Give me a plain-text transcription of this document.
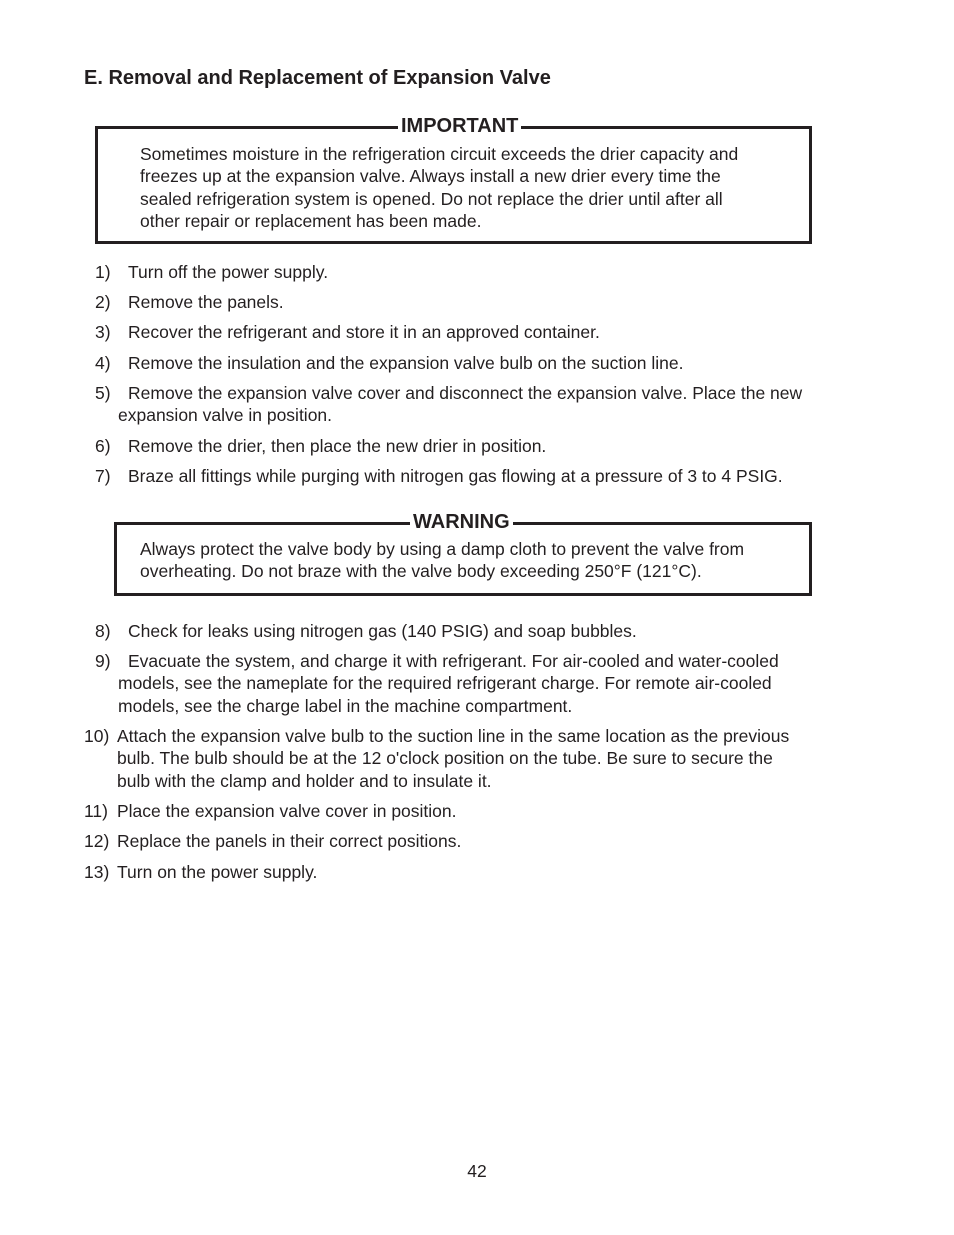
E. Removal and Replacement of Expansion Valve
IMPORTANT
Sometimes moisture in the refrigeration circuit exceeds the drier capacity and
freezes up at the expansion valve. Always install a new drier every time the
sealed refrigeration system is opened. Do not replace the drier until after all
other repair or replacement has been made.

1) Turn off the power supply.

2) Remove the panels.

3) Recover the refrigerant and store it in an approved container.

4) Remove the insulation and the expansion valve bulb on the suction line.

5) Remove the expansion valve cover and disconnect the expansion valve. Place the new
expansion valve in position.

6) Remove the drier, then place the new drier in position.

7) Braze all fittings while purging with nitrogen gas flowing at a pressure of 3 to 4 PSIG.

WARNING
Always protect the valve body by using a damp cloth to prevent the valve from
overheating. Do not braze with the valve body exceeding 250°F (121°C).

8) Check for leaks using nitrogen gas (140 PSIG) and soap bubbles.

9) Evacuate the system, and charge it with refrigerant. For air-cooled and water-cooled
models, see the nameplate for the required refrigerant charge. For remote air-cooled
models, see the charge label in the machine compartment.

10) Attach the expansion valve bulb to the suction line in the same location as the previous
bulb. The bulb should be at the 12 o'clock position on the tube. Be sure to secure the
bulb with the clamp and holder and to insulate it.

11) Place the expansion valve cover in position.

12) Replace the panels in their correct positions.

13) Turn on the power supply.

42
